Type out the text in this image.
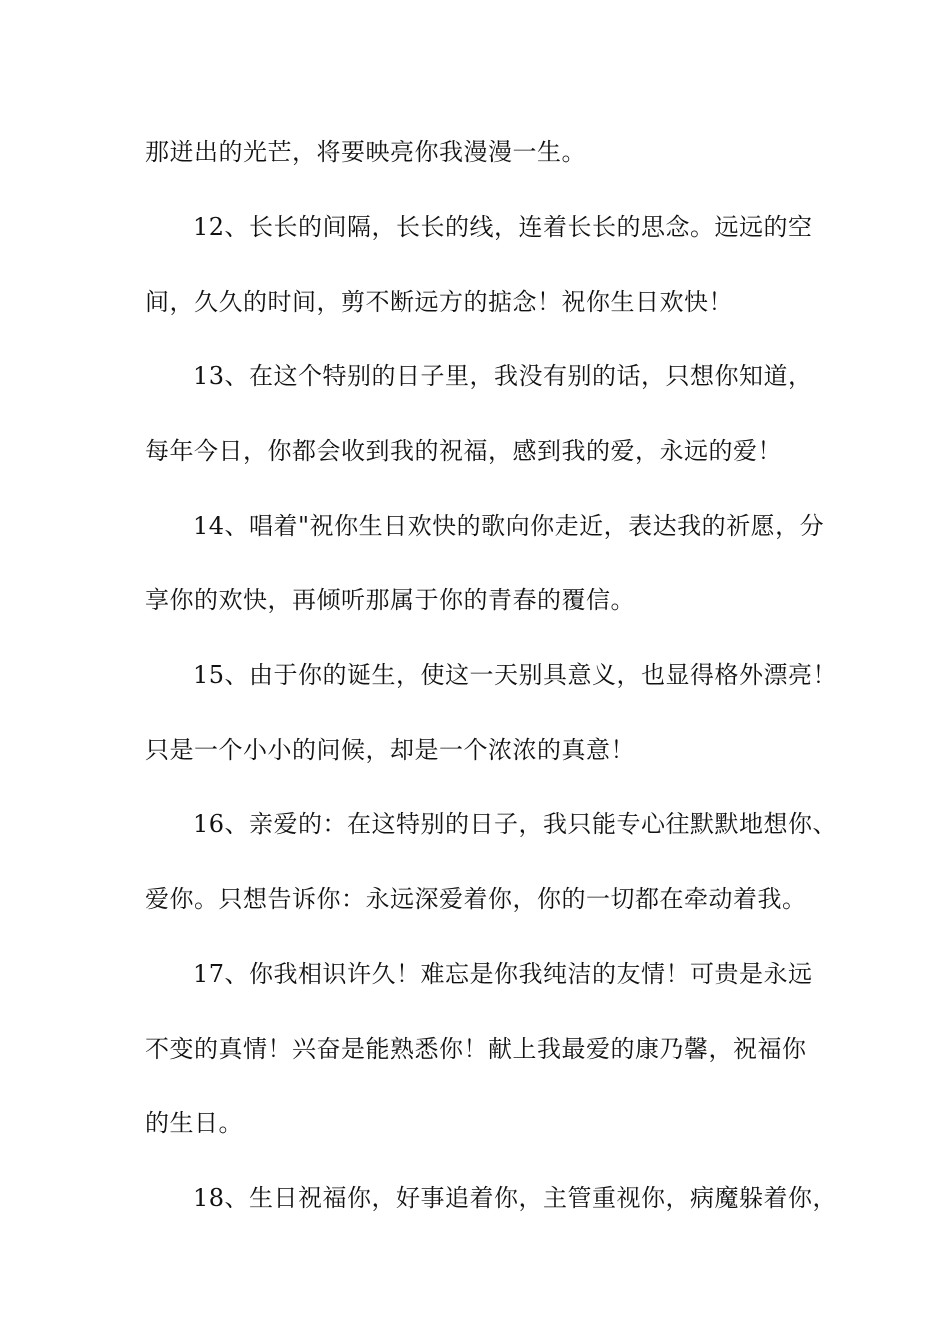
那迸出的光芒，将要映亮你我漫漫一生。
12、长长的间隔，长长的线，连着长长的思念。远远的空
间，久久的时间，剪不断远方的掂念！祝你生日欢快！
13、在这个特别的日子里，我没有别的话，只想你知道，
每年今日，你都会收到我的祝福，感到我的爱，永远的爱！
14、唱着"祝你生日欢快的歌向你走近，表达我的祈愿，分
享你的欢快，再倾听那属于你的青春的覆信。
15、由于你的诞生，使这一天别具意义，也显得格外漂亮！
只是一个小小的问候，却是一个浓浓的真意！
16、亲爱的：在这特别的日子，我只能专心往默默地想你、
爱你。只想告诉你：永远深爱着你，你的一切都在牵动着我。
17、你我相识许久！难忘是你我纯洁的友情！可贵是永远
不变的真情！兴奋是能熟悉你！献上我最爱的康乃馨，祝福你
的生日。
18、生日祝福你，好事追着你，主管重视你，病魔躲着你，
